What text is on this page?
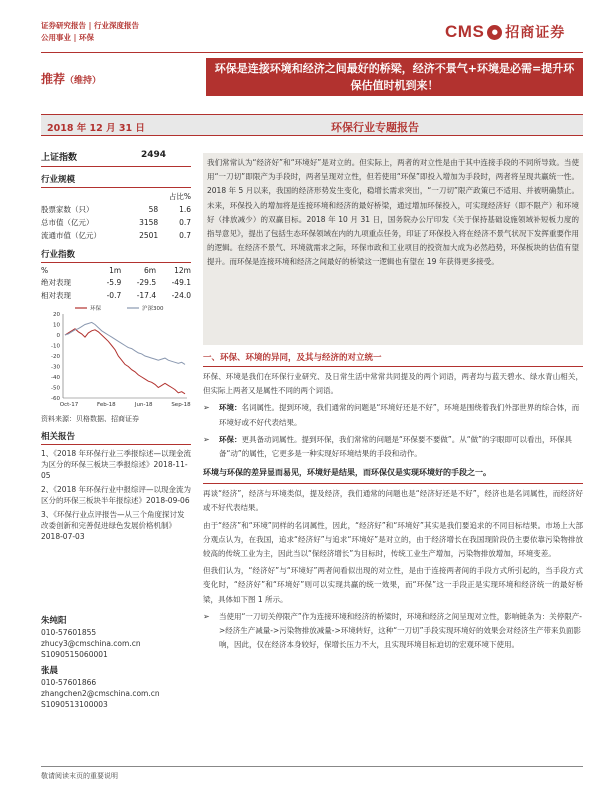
证券研究报告 | 行业深度报告
公用事业 | 环保	CMS	● 招商证券
推荐（维持）
环保是连接环境和经济之间最好的桥梁，经济不景气+环境是必需=提升环保估值时机到来！
2018 年 12 月 31 日	环保行业专题报告
上证指数	2494
行业规模
		占比%
股票家数（只）	58	1.6
总市值（亿元）	3158	0.7
流通市值（亿元）	2501	0.7
行业指数
%	1m	6m	12m
绝对表现	-5.9	-29.5	-49.1
相对表现	-0.7	-17.4	-24.0
20
10
0
-10
-20
-30
-40
-50
-60
Oct-17	Feb-18	Jun-18	Sep-18
环保	沪深300
资料来源：贝格数据、招商证券
相关报告

1、《2018 年环保行业三季报综述—以现金流为区分的环保三板块三季报综述》2018-11-05

2、《2018 年环保行业中报综评—以现金流为区分的环保三板块半年报综述》2018-09-06

3、《环保行业点评报告—从三个角度探讨发改委创新和完善促进绿色发展价格机制》2018-07-03

朱纯阳
010-57601855
zhucy3@cmschina.com.cn
S1090515060001
张晨
010-57601866
zhangchen2@cmschina.com.cn
S1090513100003
我们常常认为“经济好”和“环境好”是对立的。但实际上，两者的对立性是由于其中连接手段的不同所导致。当使用“一刀切”即限产为手段时，两者呈现对立性，但若使用“环保”即投入增加为手段时，两者将呈现共赢统一性。2018 年 5 月以来，我国的经济形势发生变化，稳增长需求突出，“一刀切”限产政策已不适用、并被明确禁止。未来，环保投入的增加将是连接环境和经济的最好桥梁，通过增加环保投入，可实现经济好（即不限产）和环境好（排放减少）的双赢目标。2018 年 10 月 31 日，国务院办公厅印发《关于保持基础设施领域补短板力度的指导意见》，提出了包括生态环保领域在内的九项重点任务，印证了环保投入将在经济不景气状况下发挥重要作用的逻辑。在经济不景气、环境就需求之际，环保市政和工业项目的投资加大成为必然趋势，环保板块的估值有望提升。而环保是连接环境和经济之间最好的桥梁这一逻辑也有望在 19 年获得更多接受。
一、环保、环境的异同，及其与经济的对立统一
环保、环境是我们在环保行业研究、及日常生活中常常共同提及的两个词语，两者均与蓝天碧水、绿水青山相关，但实际上两者又是属性不同的两个词语。
➢	环境：名词属性。提到环境，我们通常的问题是“环境好还是不好”，环境是围绕着我们外部世界的综合体，而环境好或不好代表结果。
➢	环保：更具备动词属性。提到环保，我们常常的问题是“环保要不要做”。从“做”的字眼即可以看出，环保具备“动”的属性，它更多是一种实现好环境结果的手段和动作。
环境与环保的差异显而易见，环境好是结果，而环保仅是实现环境好的手段之一。
再谈“经济”，经济与环境类似，提及经济，我们通常的问题也是“经济好还是不好”，经济也是名词属性，而经济好或不好代表结果。
由于“经济”和“环境”同样的名词属性，因此，“经济好”和“环境好”其实是我们要追求的不同目标结果。市场上大部分观点认为，在我国，追求“经济好”与追求“环境好”是对立的，由于经济增长在我国现阶段仍主要依靠污染物排放较高的传统工业为主，因此当以“保经济增长”为目标时，传统工业生产增加，污染物排放增加，环境变差。
但我们认为，“经济好”与“环境好”两者间看似出现的对立性，是由于连接两者间的手段方式所引起的，当手段方式变化时，“经济好”和“环境好”则可以实现共赢的统一效果，而“环保”这一手段正是实现环境和经济统一的最好桥梁，具体如下图 1 所示。
➢	当使用“一刀切关停限产”作为连接环境和经济的桥梁时，环境和经济之间呈现对立性，影响链条为：关停限产->经济生产减量->污染物排放减量->环境转好，这种“一刀切”手段实现环境好的效果会对经济生产带来负面影响，因此，仅在经济本身较好，保增长压力不大，且实现环境目标迫切的宏观环境下使用。
敬请阅读末页的重要说明
